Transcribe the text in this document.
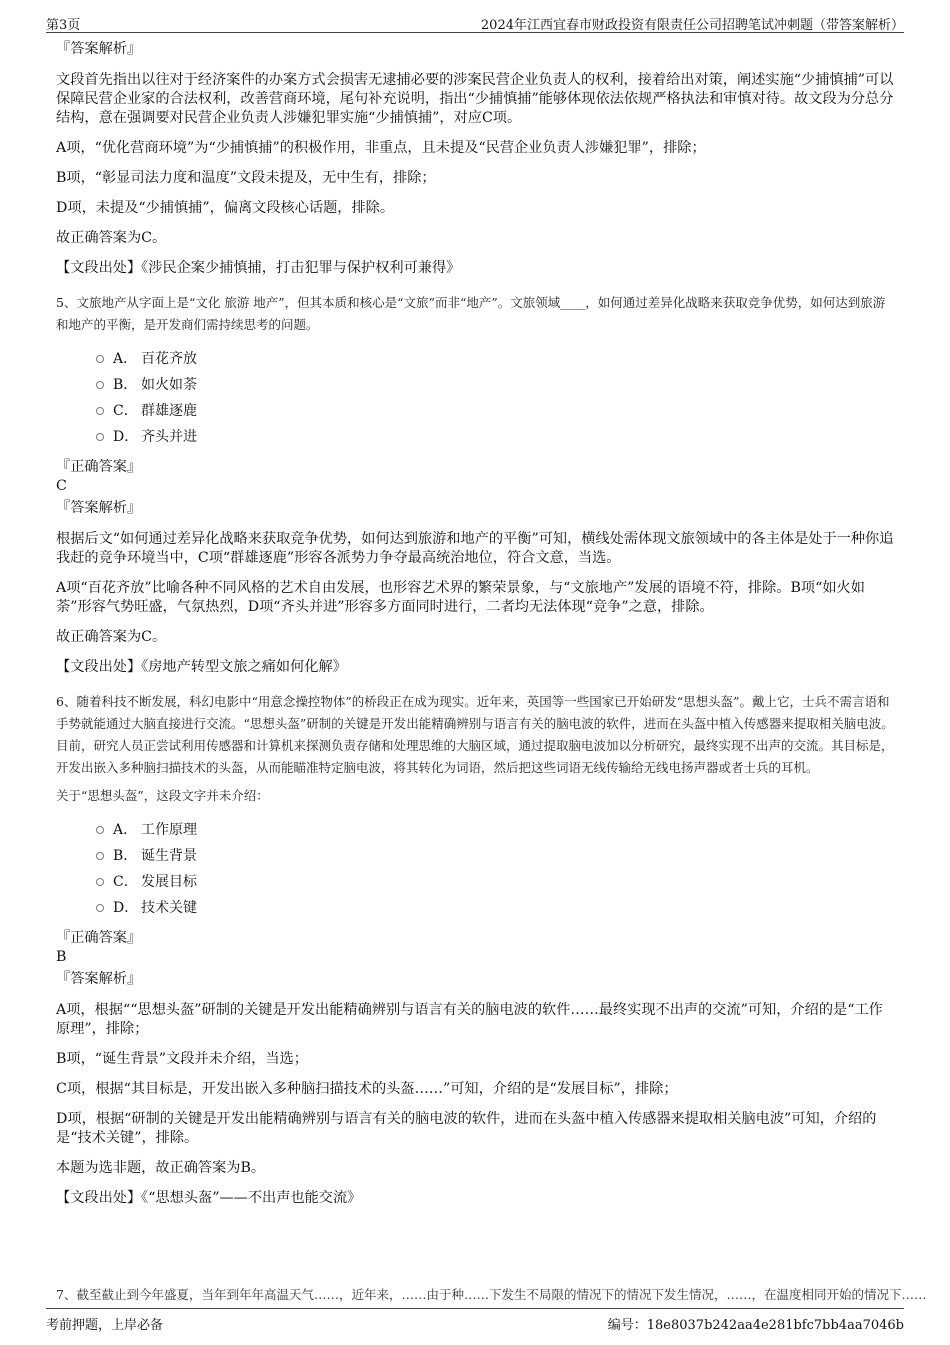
第3页	2024年江西宜春市财政投资有限责任公司招聘笔试冲刺题（带答案解析）

『答案解析』

文段首先指出以往对于经济案件的办案方式会损害无逮捕必要的涉案民营企业负责人的权利，接着给出对策，阐述实施“少捕慎捕”可以保障民营企业家的合法权利，改善营商环境，尾句补充说明，指出“少捕慎捕”能够体现依法依规严格执法和审慎对待。故文段为分总分结构，意在强调要对民营企业负责人涉嫌犯罪实施“少捕慎捕”，对应C项。

A项，“优化营商环境”为“少捕慎捕”的积极作用，非重点，且未提及“民营企业负责人涉嫌犯罪”，排除；

B项，“彰显司法力度和温度”文段未提及，无中生有，排除；

D项，未提及“少捕慎捕”，偏离文段核心话题，排除。

故正确答案为C。

【文段出处】《涉民企案少捕慎捕，打击犯罪与保护权利可兼得》

5、文旅地产从字面上是“文化 旅游 地产”，但其本质和核心是“文旅”而非“地产”。文旅领域____，如何通过差异化战略来获取竞争优势，如何达到旅游和地产的平衡，是开发商们需持续思考的问题。

A． 百花齐放
B． 如火如荼
C． 群雄逐鹿
D． 齐头并进

『正确答案』

C

『答案解析』

根据后文“如何通过差异化战略来获取竞争优势，如何达到旅游和地产的平衡”可知，横线处需体现文旅领域中的各主体是处于一种你追我赶的竞争环境当中，C项“群雄逐鹿”形容各派势力争夺最高统治地位，符合文意，当选。

A项“百花齐放”比喻各种不同风格的艺术自由发展，也形容艺术界的繁荣景象，与“文旅地产”发展的语境不符，排除。B项“如火如荼”形容气势旺盛，气氛热烈，D项“齐头并进”形容多方面同时进行，二者均无法体现“竞争”之意，排除。

故正确答案为C。

【文段出处】《房地产转型文旅之痛如何化解》

6、随着科技不断发展，科幻电影中“用意念操控物体”的桥段正在成为现实。近年来，英国等一些国家已开始研发“思想头盔”。戴上它，士兵不需言语和手势就能通过大脑直接进行交流。“思想头盔”研制的关键是开发出能精确辨别与语言有关的脑电波的软件，进而在头盔中植入传感器来提取相关脑电波。目前，研究人员正尝试利用传感器和计算机来探测负责存储和处理思维的大脑区域，通过提取脑电波加以分析研究，最终实现不出声的交流。其目标是，开发出嵌入多种脑扫描技术的头盔，从而能瞄准特定脑电波，将其转化为词语，然后把这些词语无线传输给无线电扬声器或者士兵的耳机。

关于“思想头盔”，这段文字并未介绍：

A． 工作原理
B． 诞生背景
C． 发展目标
D． 技术关键

『正确答案』

B

『答案解析』

A项，根据““思想头盔”研制的关键是开发出能精确辨别与语言有关的脑电波的软件……最终实现不出声的交流”可知，介绍的是“工作原理”，排除；

B项，“诞生背景”文段并未介绍，当选；

C项，根据“其目标是，开发出嵌入多种脑扫描技术的头盔……”可知，介绍的是“发展目标”，排除；

D项，根据“研制的关键是开发出能精确辨别与语言有关的脑电波的软件，进而在头盔中植入传感器来提取相关脑电波”可知，介绍的是“技术关键”，排除。

本题为选非题，故正确答案为B。

【文段出处】《“思想头盔”——不出声也能交流》

7、截至截止到今年盛夏，当年到年年高温天气……，近年来，……由于种……下发生不局限的情况下的情况下发生情况，……，在温度相同开始的情况下……
考前押题，上岸必备	编号：18e8037b242aa4e281bfc7bb4aa7046b
